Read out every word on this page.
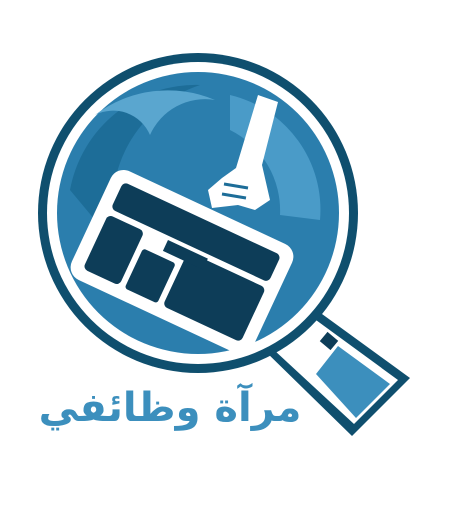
مرآة وظائفي
